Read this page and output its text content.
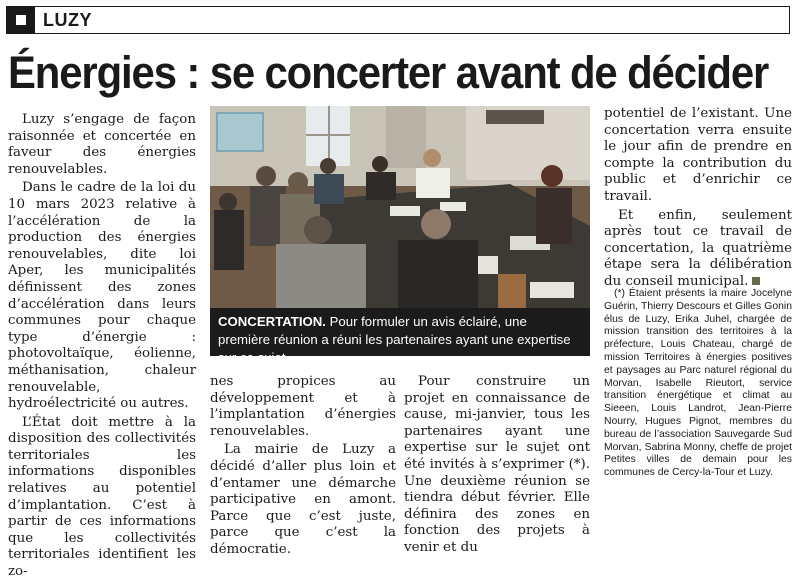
LUZY
Énergies : se concerter avant de décider

Luzy s’engage de façon raisonnée et concertée en faveur des énergies renouvelables.

Dans le cadre de la loi du 10 mars 2023 relative à l’accélération de la production des énergies renouvelables, dite loi Aper, les municipalités définissent des zones d’accélération dans leurs communes pour chaque type d’énergie : photovoltaïque, éolienne, méthanisation, chaleur renouvelable, hydroélectricité ou autres.

L’État doit mettre à la disposition des collectivités territoriales les informations disponibles relatives au potentiel d’implantation. C’est à partir de ces informations que les collectivités territoriales identifient les zo-

CONCERTATION. Pour formuler un avis éclairé, une première réunion a réuni les partenaires ayant une expertise sur ce sujet.

nes propices au développement et à l’implantation d’énergies renouvelables.

La mairie de Luzy a décidé d’aller plus loin et d’entamer une démarche participative en amont. Parce que c’est juste, parce que c’est la démocratie.

Pour construire un projet en connaissance de cause, mi-janvier, tous les partenaires ayant une expertise sur le sujet ont été invités à s’exprimer (*). Une deuxième réunion se tiendra début février. Elle définira des zones en fonction des projets à venir et du

potentiel de l’existant. Une concertation verra ensuite le jour afin de prendre en compte la contribution du public et d’enrichir ce travail.

Et enfin, seulement après tout ce travail de concertation, la quatrième étape sera la délibération du conseil municipal.

(*) Étaient présents la maire Jocelyne Guérin, Thierry Descours et Gilles Gonin élus de Luzy, Erika Juhel, chargée de mission transition des territoires à la préfecture, Louis Chateau, chargé de mission Territoires à énergies positives et paysages au Parc naturel régional du Morvan, Isabelle Rieutort, service transition énergétique et climat au Sieeen, Louis Landrot, Jean-Pierre Nourry, Hugues Pignot, membres du bureau de l’association Sauvegarde Sud Morvan, Sabrina Monny, cheffe de projet Petites villes de demain pour les communes de Cercy-la-Tour et Luzy.
